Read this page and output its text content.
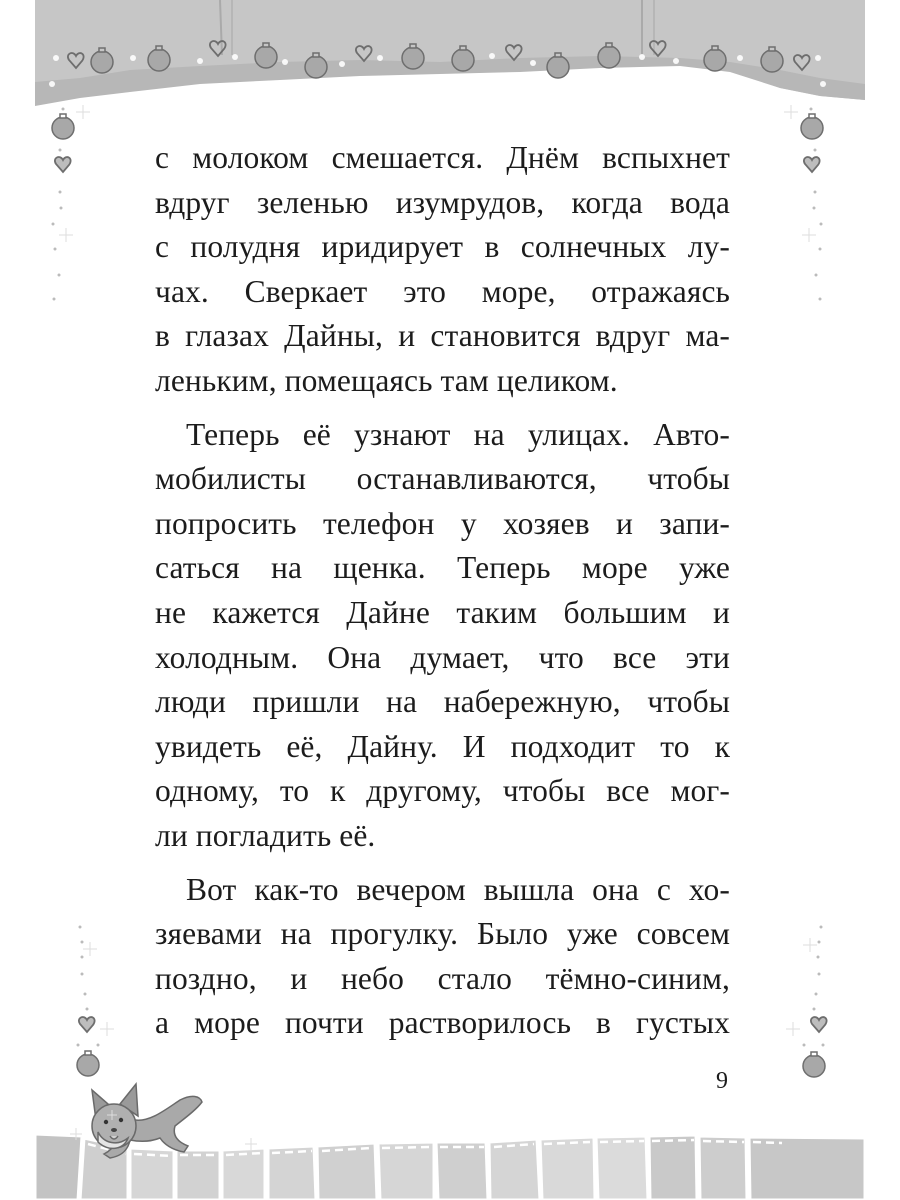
с молоком смешается. Днём вспыхнет
вдруг зеленью изумрудов, когда вода
с полудня иридирует в солнечных лу-
чах. Сверкает это море, отражаясь
в глазах Дайны, и становится вдруг ма-
леньким, помещаясь там целиком.
Теперь её узнают на улицах. Авто-
мобилисты останавливаются, чтобы
попросить телефон у хозяев и запи-
саться на щенка. Теперь море уже
не кажется Дайне таким большим и
холодным. Она думает, что все эти
люди пришли на набережную, чтобы
увидеть её, Дайну. И подходит то к
одному, то к другому, чтобы все мог-
ли погладить её.
Вот как-то вечером вышла она с хо-
зяевами на прогулку. Было уже совсем
поздно, и небо стало тёмно-синим,
а море почти растворилось в густых
9
